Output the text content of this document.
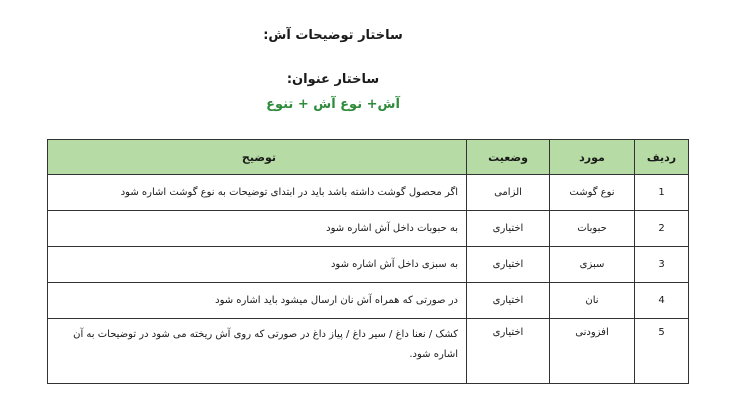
ساختار توضیحات آش:
ساختار عنوان:
آش+ نوع آش + تنوع
ردیف	مورد	وضعیت	توضیح
1	نوع گوشت	الزامی	اگر محصول گوشت داشته باشد باید در ابتدای توضیحات به نوع گوشت اشاره شود
2	حبوبات	اختیاری	به حبوبات داخل آش اشاره شود
3	سبزی	اختیاری	به سبزی داخل آش اشاره شود
4	نان	اختیاری	در صورتی که همراه آش نان ارسال میشود باید اشاره شود
5	افزودنی	اختیاری	کشک / نعنا داغ / سیر داغ / پیاز داغ در صورتی که روی آش ریخته می شود در توضیحات به آن اشاره شود.
